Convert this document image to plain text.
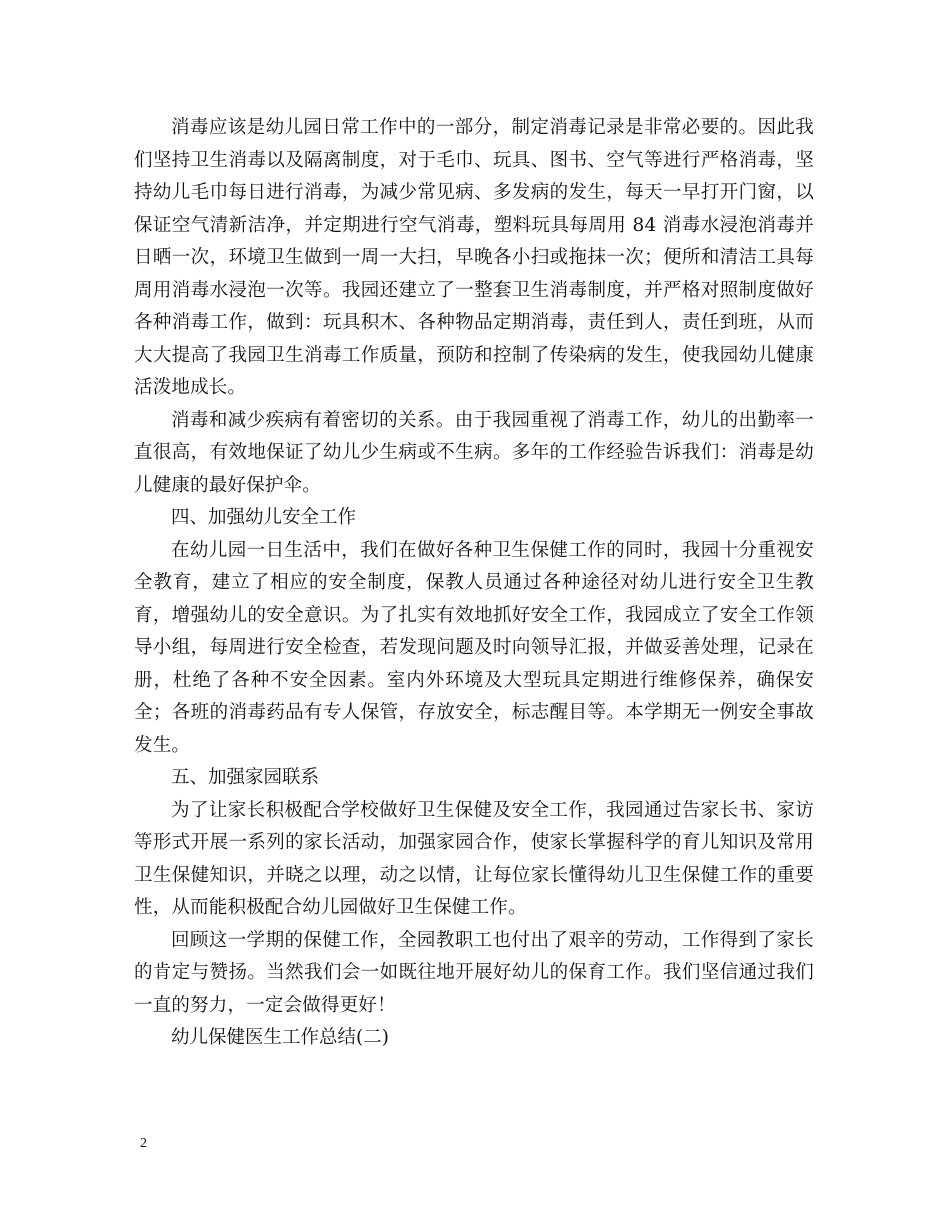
消毒应该是幼儿园日常工作中的一部分，制定消毒记录是非常必要的。因此我们坚持卫生消毒以及隔离制度，对于毛巾、玩具、图书、空气等进行严格消毒，坚持幼儿毛巾每日进行消毒，为减少常见病、多发病的发生，每天一早打开门窗，以保证空气清新洁净，并定期进行空气消毒，塑料玩具每周用 84 消毒水浸泡消毒并日晒一次，环境卫生做到一周一大扫，早晚各小扫或拖抹一次；便所和清洁工具每周用消毒水浸泡一次等。我园还建立了一整套卫生消毒制度，并严格对照制度做好各种消毒工作，做到：玩具积木、各种物品定期消毒，责任到人，责任到班，从而大大提高了我园卫生消毒工作质量，预防和控制了传染病的发生，使我园幼儿健康活泼地成长。

消毒和减少疾病有着密切的关系。由于我园重视了消毒工作，幼儿的出勤率一直很高，有效地保证了幼儿少生病或不生病。多年的工作经验告诉我们：消毒是幼儿健康的最好保护伞。

四、加强幼儿安全工作

在幼儿园一日生活中，我们在做好各种卫生保健工作的同时，我园十分重视安全教育，建立了相应的安全制度，保教人员通过各种途径对幼儿进行安全卫生教育，增强幼儿的安全意识。为了扎实有效地抓好安全工作，我园成立了安全工作领导小组，每周进行安全检查，若发现问题及时向领导汇报，并做妥善处理，记录在册，杜绝了各种不安全因素。室内外环境及大型玩具定期进行维修保养，确保安全；各班的消毒药品有专人保管，存放安全，标志醒目等。本学期无一例安全事故发生。

五、加强家园联系

为了让家长积极配合学校做好卫生保健及安全工作，我园通过告家长书、家访等形式开展一系列的家长活动，加强家园合作，使家长掌握科学的育儿知识及常用卫生保健知识，并晓之以理，动之以情，让每位家长懂得幼儿卫生保健工作的重要性，从而能积极配合幼儿园做好卫生保健工作。

回顾这一学期的保健工作，全园教职工也付出了艰辛的劳动，工作得到了家长的肯定与赞扬。当然我们会一如既往地开展好幼儿的保育工作。我们坚信通过我们一直的努力，一定会做得更好！

幼儿保健医生工作总结(二)

2
